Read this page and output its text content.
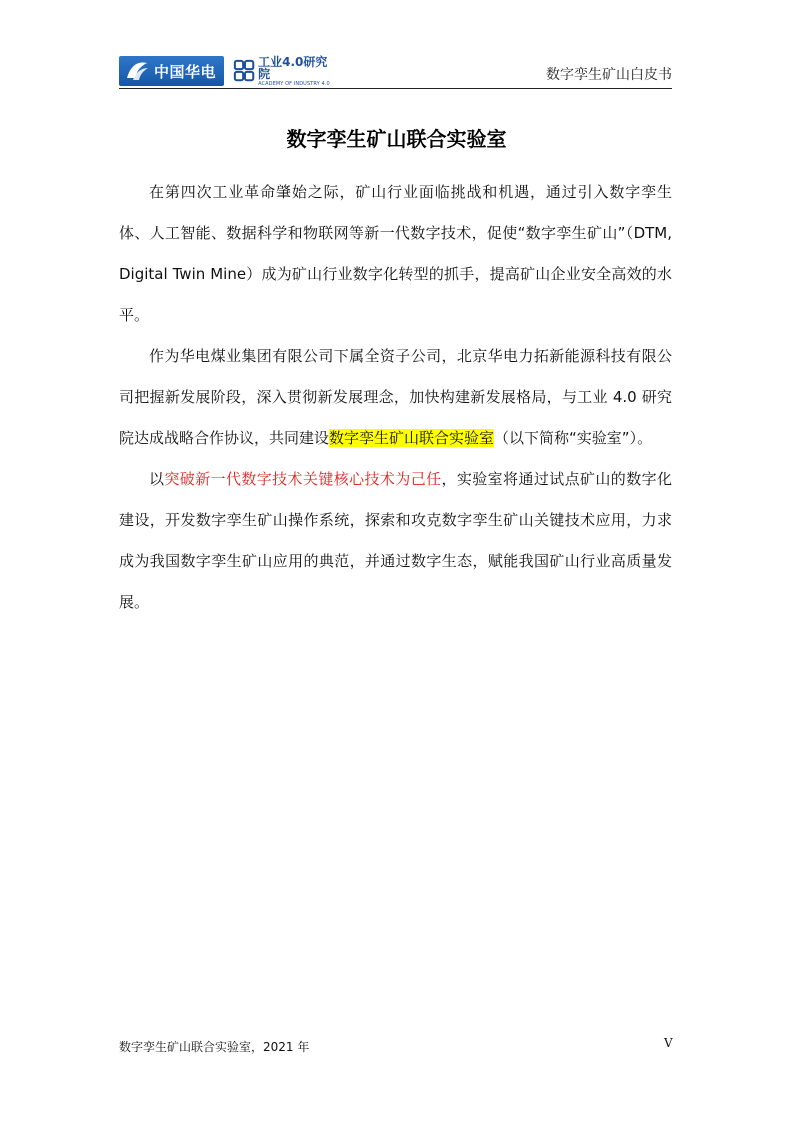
中国华电
工业4.0研究院
ACADEMY OF INDUSTRY 4.0
数字孪生矿山白皮书
数字孪生矿山联合实验室

在第四次工业革命肇始之际，矿山行业面临挑战和机遇，通过引入数字孪生体、人工智能、数据科学和物联网等新一代数字技术，促使“数字孪生矿山”（DTM, Digital Twin Mine）成为矿山行业数字化转型的抓手，提高矿山企业安全高效的水平。

作为华电煤业集团有限公司下属全资子公司，北京华电力拓新能源科技有限公司把握新发展阶段，深入贯彻新发展理念，加快构建新发展格局，与工业 4.0 研究院达成战略合作协议，共同建设数字孪生矿山联合实验室（以下简称“实验室”）。

以突破新一代数字技术关键核心技术为己任，实验室将通过试点矿山的数字化建设，开发数字孪生矿山操作系统，探索和攻克数字孪生矿山关键技术应用，力求成为我国数字孪生矿山应用的典范，并通过数字生态，赋能我国矿山行业高质量发展。

数字孪生矿山联合实验室，2021 年	V
